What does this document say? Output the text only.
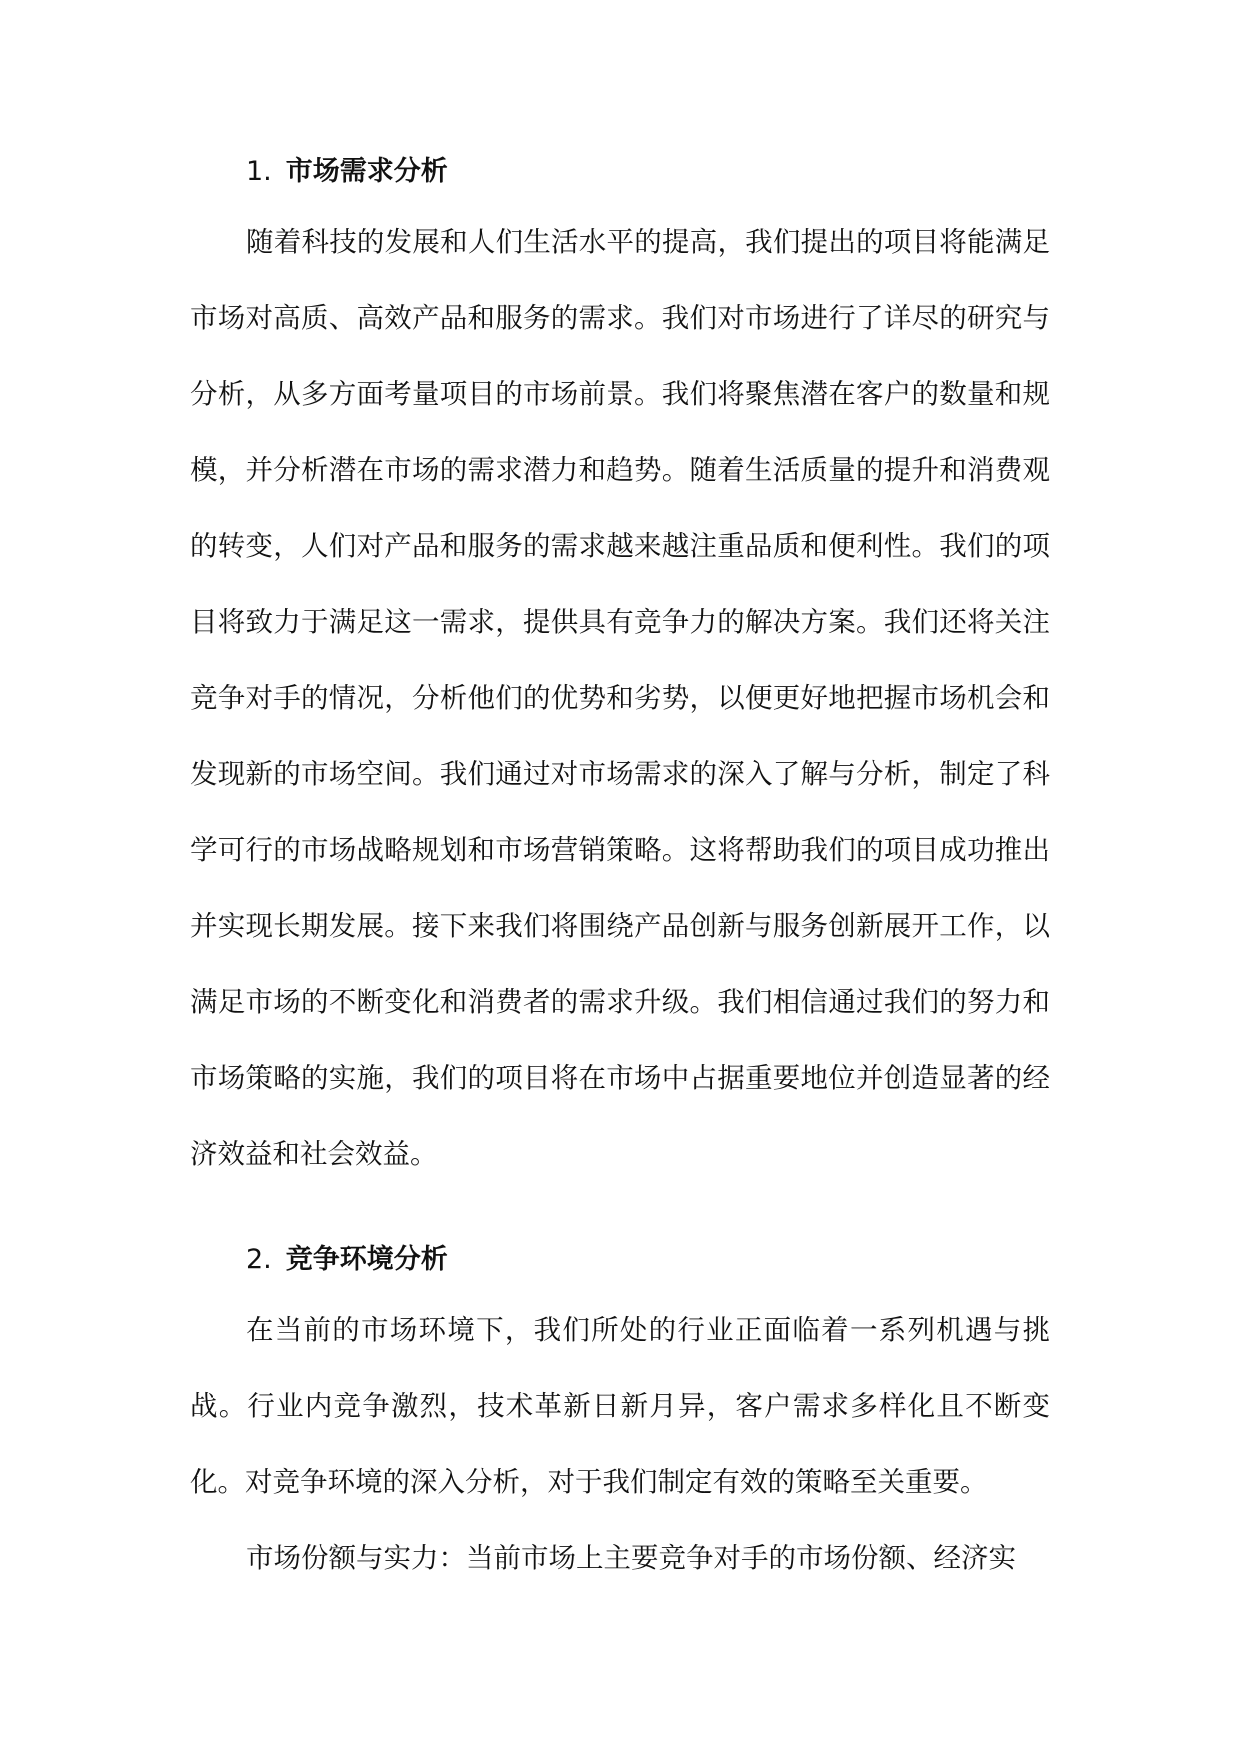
1. 市场需求分析

随着科技的发展和人们生活水平的提高，我们提出的项目将能满足市场对高质、高效产品和服务的需求。我们对市场进行了详尽的研究与分析，从多方面考量项目的市场前景。我们将聚焦潜在客户的数量和规模，并分析潜在市场的需求潜力和趋势。随着生活质量的提升和消费观的转变，人们对产品和服务的需求越来越注重品质和便利性。我们的项目将致力于满足这一需求，提供具有竞争力的解决方案。我们还将关注竞争对手的情况，分析他们的优势和劣势，以便更好地把握市场机会和发现新的市场空间。我们通过对市场需求的深入了解与分析，制定了科学可行的市场战略规划和市场营销策略。这将帮助我们的项目成功推出并实现长期发展。接下来我们将围绕产品创新与服务创新展开工作，以满足市场的不断变化和消费者的需求升级。我们相信通过我们的努力和市场策略的实施，我们的项目将在市场中占据重要地位并创造显著的经济效益和社会效益。

2. 竞争环境分析

在当前的市场环境下，我们所处的行业正面临着一系列机遇与挑战。行业内竞争激烈，技术革新日新月异，客户需求多样化且不断变化。对竞争环境的深入分析，对于我们制定有效的策略至关重要。

市场份额与实力：当前市场上主要竞争对手的市场份额、经济实
